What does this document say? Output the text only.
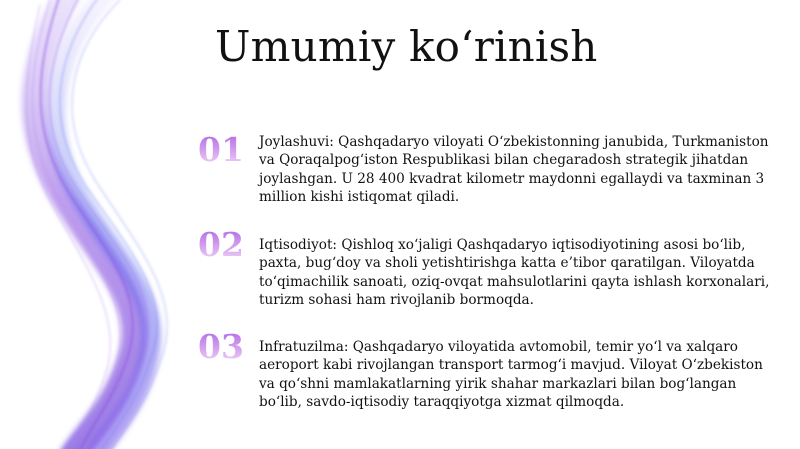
Umumiy ko‘rinish
01	Joylashuvi: Qashqadaryo viloyati O‘zbekistonning janubida, Turkmaniston va Qoraqalpog‘iston Respublikasi bilan chegaradosh strategik jihatdan joylashgan. U 28 400 kvadrat kilometr maydonni egallaydi va taxminan 3 million kishi istiqomat qiladi.
02	Iqtisodiyot: Qishloq xo‘jaligi Qashqadaryo iqtisodiyotining asosi bo‘lib, paxta, bug‘doy va sholi yetishtirishga katta e’tibor qaratilgan. Viloyatda to‘qimachilik sanoati, oziq-ovqat mahsulotlarini qayta ishlash korxonalari, turizm sohasi ham rivojlanib bormoqda.
03	Infratuzilma: Qashqadaryo viloyatida avtomobil, temir yo‘l va xalqaro aeroport kabi rivojlangan transport tarmog‘i mavjud. Viloyat O‘zbekiston va qo‘shni mamlakatlarning yirik shahar markazlari bilan bog‘langan bo‘lib, savdo-iqtisodiy taraqqiyotga xizmat qilmoqda.
